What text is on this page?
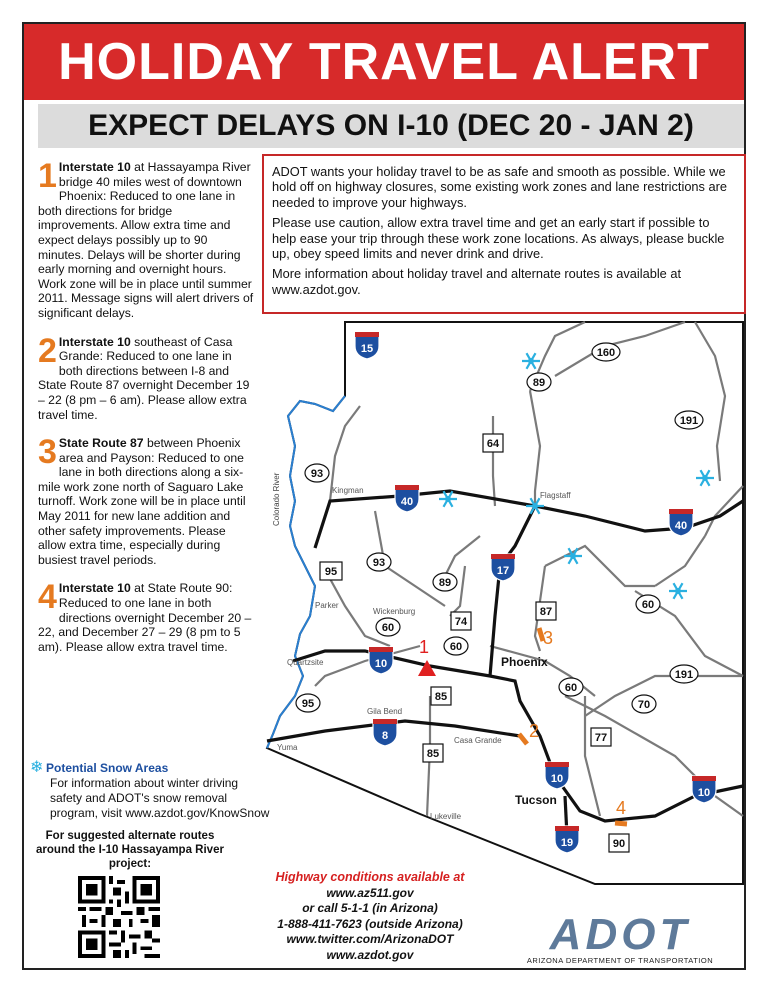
HOLIDAY TRAVEL ALERT
EXPECT DELAYS ON I-10 (DEC 20 - JAN 2)
1 Interstate 10 at Hassayampa River bridge 40 miles west of downtown Phoenix: Reduced to one lane in both directions for bridge improvements. Allow extra time and expect delays possibly up to 90 minutes. Delays will be shorter during early morning and overnight hours. Work zone will be in place until summer 2011. Message signs will alert drivers of significant delays.
2 Interstate 10 southeast of Casa Grande: Reduced to one lane in both directions between I-8 and State Route 87 overnight December 19 – 22 (8 pm – 6 am). Please allow extra travel time.
3 State Route 87 between Phoenix area and Payson: Reduced to one lane in both directions along a six-mile work zone north of Saguaro Lake turnoff. Work zone will be in place until May 2011 for new lane addition and other safety improvements. Please allow extra time, especially during busiest travel periods.
4 Interstate 10 at State Route 90: Reduced to one lane in both directions overnight December 20 – 22, and December 27 – 29 (8 pm to 5 am). Please allow extra travel time.
❄ Potential Snow Areas
For information about winter driving safety and ADOT's snow removal program, visit www.azdot.gov/KnowSnow
For suggested alternate routes around the I-10 Hassayampa River project:

ADOT wants your holiday travel to be as safe and smooth as possible. While we hold off on highway closures, some existing work zones and lane restrictions are needed to improve your highways.

Please use caution, allow extra travel time and get an early start if possible to help ease your trip through these work zone locations. As always, please buckle up, obey speed limits and never drink and drive.

More information about holiday travel and alternate routes is available at www.azdot.gov.

Colorado River
15
40
40
17
10
8
10
10
19
89
160
191
64
93
93
95
89
74
60
60
87
60
191
85
95
60
70
77
85
90
Kingman
Flagstaff
Parker
Wickenburg
Quartzsite
Gila Bend
Casa Grande
Yuma
Lukeville
Phoenix
Tucson
1
2
3
4
Highway conditions available at
www.az511.gov
or call 5-1-1 (in Arizona)
1-888-411-7623 (outside Arizona)
www.twitter.com/ArizonaDOT
www.azdot.gov	ADOT
ARIZONA DEPARTMENT OF TRANSPORTATION
